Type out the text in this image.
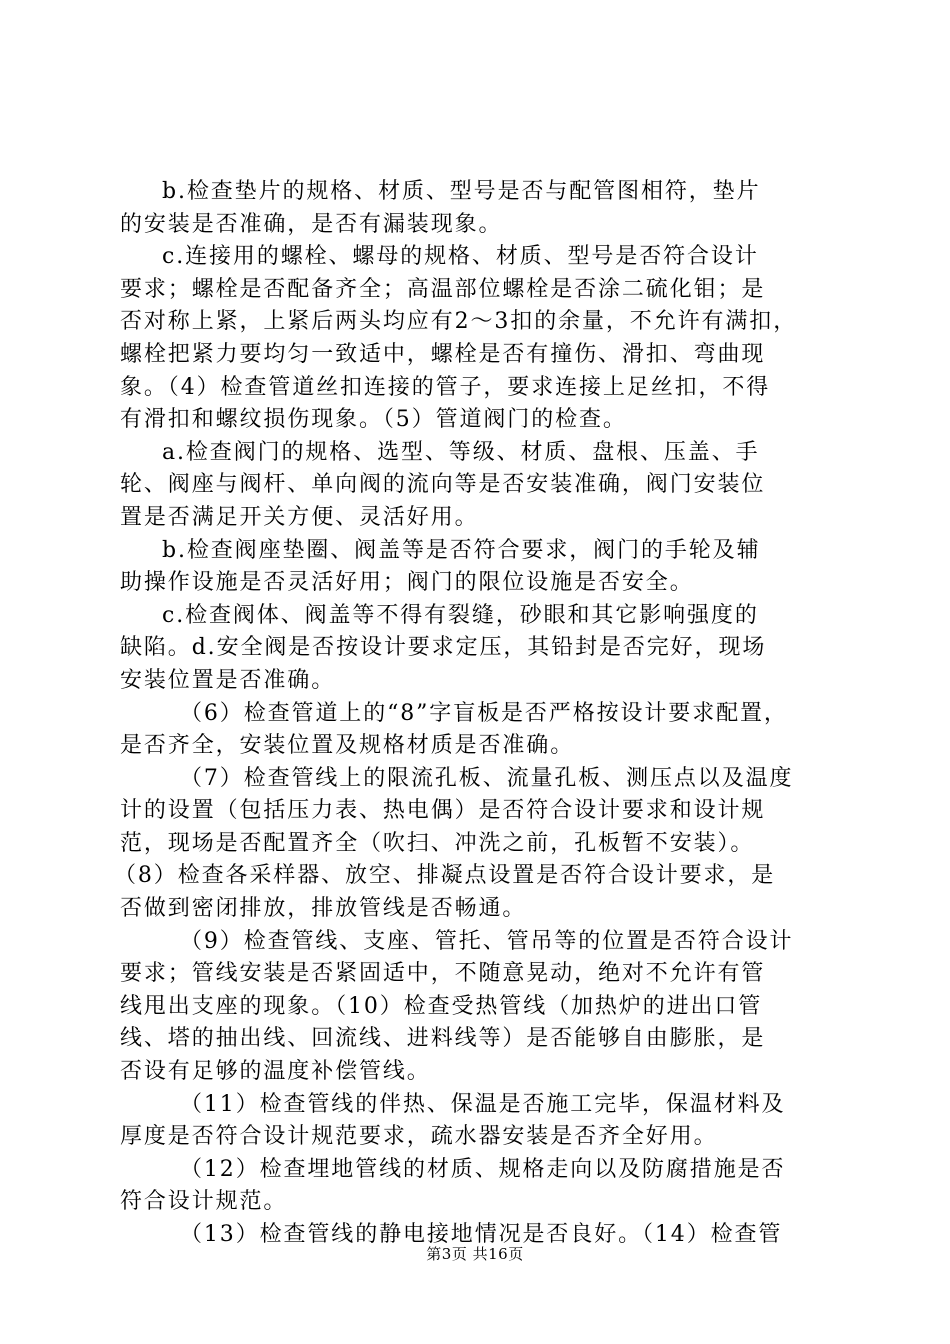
b.检查垫片的规格、材质、型号是否与配管图相符，垫片
的安装是否准确，是否有漏装现象。
c.连接用的螺栓、螺母的规格、材质、型号是否符合设计
要求；螺栓是否配备齐全；高温部位螺栓是否涂二硫化钼；是
否对称上紧，上紧后两头均应有2～3扣的余量，不允许有满扣，
螺栓把紧力要均匀一致适中，螺栓是否有撞伤、滑扣、弯曲现
象。（4）检查管道丝扣连接的管子，要求连接上足丝扣，不得
有滑扣和螺纹损伤现象。（5）管道阀门的检查。
a.检查阀门的规格、选型、等级、材质、盘根、压盖、手
轮、阀座与阀杆、单向阀的流向等是否安装准确，阀门安装位
置是否满足开关方便、灵活好用。
b.检查阀座垫圈、阀盖等是否符合要求，阀门的手轮及辅
助操作设施是否灵活好用；阀门的限位设施是否安全。
c.检查阀体、阀盖等不得有裂缝，砂眼和其它影响强度的
缺陷。d.安全阀是否按设计要求定压，其铅封是否完好，现场
安装位置是否准确。
（6）检查管道上的“8”字盲板是否严格按设计要求配置，
是否齐全，安装位置及规格材质是否准确。
（7）检查管线上的限流孔板、流量孔板、测压点以及温度
计的设置（包括压力表、热电偶）是否符合设计要求和设计规
范，现场是否配置齐全（吹扫、冲洗之前，孔板暂不安装）。
（8）检查各采样器、放空、排凝点设置是否符合设计要求，是
否做到密闭排放，排放管线是否畅通。
（9）检查管线、支座、管托、管吊等的位置是否符合设计
要求；管线安装是否紧固适中，不随意晃动，绝对不允许有管
线甩出支座的现象。（10）检查受热管线（加热炉的进出口管
线、塔的抽出线、回流线、进料线等）是否能够自由膨胀，是
否设有足够的温度补偿管线。
（11）检查管线的伴热、保温是否施工完毕，保温材料及
厚度是否符合设计规范要求，疏水器安装是否齐全好用。
（12）检查埋地管线的材质、规格走向以及防腐措施是否
符合设计规范。
（13）检查管线的静电接地情况是否良好。（14）检查管
第3页 共16页
